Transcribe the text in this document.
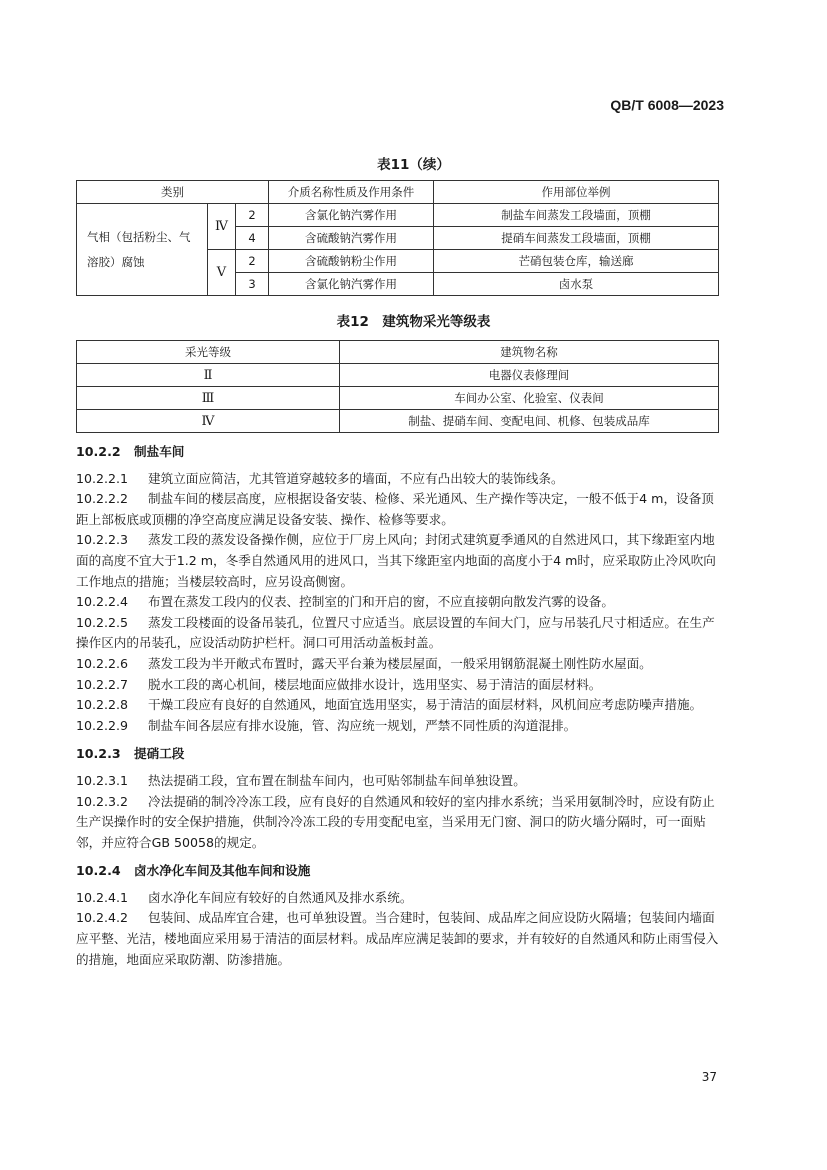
QB/T 6008—2023
表11（续）
类别			介质名称性质及作用条件	作用部位举例
气相（包括粉尘、气溶胶）腐蚀	Ⅳ	2	含氯化钠汽雾作用	制盐车间蒸发工段墙面，顶棚
		4	含硫酸钠汽雾作用	提硝车间蒸发工段墙面，顶棚
	Ⅴ	2	含硫酸钠粉尘作用	芒硝包装仓库，输送廊
		3	含氯化钠汽雾作用	卤水泵
表12　建筑物采光等级表
采光等级	建筑物名称
Ⅱ	电器仪表修理间
Ⅲ	车间办公室、化验室、仪表间
Ⅳ	制盐、提硝车间、变配电间、机修、包装成品库
10.2.2 制盐车间

10.2.2.1 建筑立面应简洁，尤其管道穿越较多的墙面，不应有凸出较大的装饰线条。

10.2.2.2 制盐车间的楼层高度，应根据设备安装、检修、采光通风、生产操作等决定，一般不低于4 m，设备顶距上部板底或顶棚的净空高度应满足设备安装、操作、检修等要求。

10.2.2.3 蒸发工段的蒸发设备操作侧，应位于厂房上风向；封闭式建筑夏季通风的自然进风口，其下缘距室内地面的高度不宜大于1.2 m，冬季自然通风用的进风口，当其下缘距室内地面的高度小于4 m时，应采取防止冷风吹向工作地点的措施；当楼层较高时，应另设高侧窗。

10.2.2.4 布置在蒸发工段内的仪表、控制室的门和开启的窗，不应直接朝向散发汽雾的设备。

10.2.2.5 蒸发工段楼面的设备吊装孔，位置尺寸应适当。底层设置的车间大门，应与吊装孔尺寸相适应。在生产操作区内的吊装孔，应设活动防护栏杆。洞口可用活动盖板封盖。

10.2.2.6 蒸发工段为半开敞式布置时，露天平台兼为楼层屋面，一般采用钢筋混凝土刚性防水屋面。

10.2.2.7 脱水工段的离心机间，楼层地面应做排水设计，选用坚实、易于清洁的面层材料。

10.2.2.8 干燥工段应有良好的自然通风，地面宜选用坚实，易于清洁的面层材料，风机间应考虑防噪声措施。

10.2.2.9 制盐车间各层应有排水设施，管、沟应统一规划，严禁不同性质的沟道混排。

10.2.3 提硝工段

10.2.3.1 热法提硝工段，宜布置在制盐车间内，也可贴邻制盐车间单独设置。

10.2.3.2 冷法提硝的制冷冷冻工段，应有良好的自然通风和较好的室内排水系统；当采用氨制冷时，应设有防止生产误操作时的安全保护措施，供制冷冷冻工段的专用变配电室，当采用无门窗、洞口的防火墙分隔时，可一面贴邻，并应符合GB 50058的规定。

10.2.4 卤水净化车间及其他车间和设施

10.2.4.1 卤水净化车间应有较好的自然通风及排水系统。

10.2.4.2 包装间、成品库宜合建，也可单独设置。当合建时，包装间、成品库之间应设防火隔墙；包装间内墙面应平整、光洁，楼地面应采用易于清洁的面层材料。成品库应满足装卸的要求，并有较好的自然通风和防止雨雪侵入的措施，地面应采取防潮、防渗措施。

37
